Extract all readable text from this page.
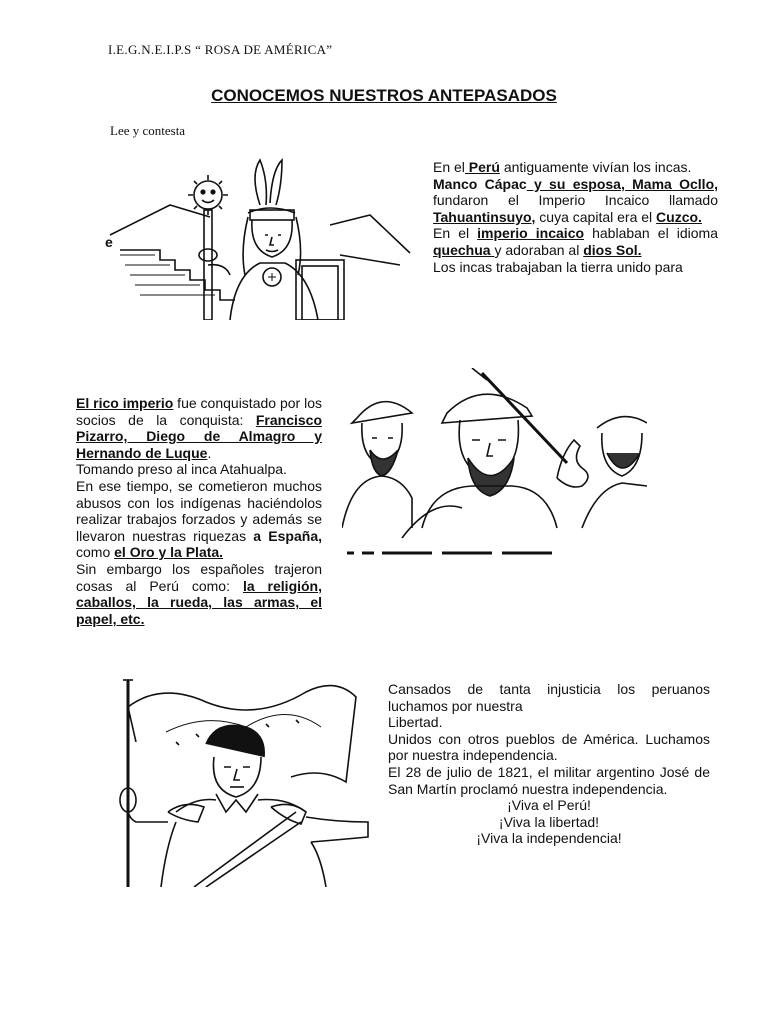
I.E.G.N.E.I.P.S “ ROSA DE AMÉRICA”
CONOCEMOS NUESTROS ANTEPASADOS
Lee y contesta
e

En el Perú antiguamente vivían los incas.
Manco Cápac y su esposa, Mama Ocllo, fundaron el Imperio Incaico llamado Tahuantinsuyo, cuya capital era el Cuzco.
En el imperio incaico hablaban el idioma quechua y adoraban al dios Sol.
Los incas trabajaban la tierra unido para

El rico imperio fue conquistado por los socios de la conquista: Francisco Pizarro, Diego de Almagro y Hernando de Luque.
Tomando preso al inca Atahualpa.
En ese tiempo, se cometieron muchos abusos con los indígenas haciéndolos realizar trabajos forzados y además se llevaron nuestras riquezas a España, como el Oro y la Plata.
Sin embargo los españoles trajeron cosas al Perú como: la religión, caballos, la rueda, las armas, el papel, etc.

Cansados de tanta injusticia los peruanos luchamos por nuestra
Libertad.
Unidos con otros pueblos de América. Luchamos por nuestra independencia.
El 28 de julio de 1821, el militar argentino José de San Martín proclamó nuestra independencia.
¡Viva el Perú!
¡Viva la libertad!
¡Viva la independencia!
